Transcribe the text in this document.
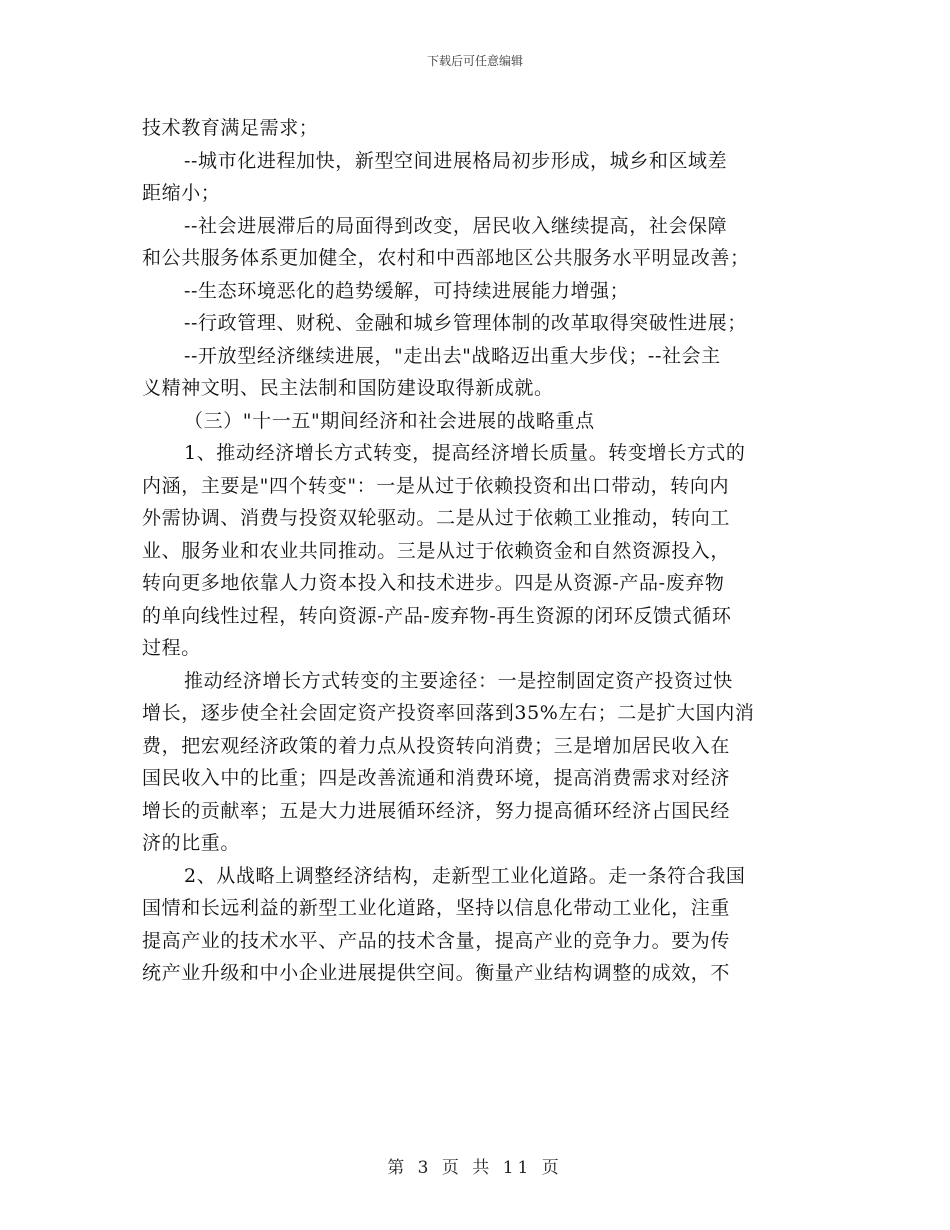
下载后可任意编辑
技术教育满足需求；
--城市化进程加快，新型空间进展格局初步形成，城乡和区域差
距缩小；
--社会进展滞后的局面得到改变，居民收入继续提高，社会保障
和公共服务体系更加健全，农村和中西部地区公共服务水平明显改善；
--生态环境恶化的趋势缓解，可持续进展能力增强；
--行政管理、财税、金融和城乡管理体制的改革取得突破性进展；
--开放型经济继续进展，"走出去"战略迈出重大步伐；--社会主
义精神文明、民主法制和国防建设取得新成就。
（三）"十一五"期间经济和社会进展的战略重点
1、推动经济增长方式转变，提高经济增长质量。转变增长方式的
内涵，主要是"四个转变"：一是从过于依赖投资和出口带动，转向内
外需协调、消费与投资双轮驱动。二是从过于依赖工业推动，转向工
业、服务业和农业共同推动。三是从过于依赖资金和自然资源投入，
转向更多地依靠人力资本投入和技术进步。四是从资源-产品-废弃物
的单向线性过程，转向资源-产品-废弃物-再生资源的闭环反馈式循环
过程。
推动经济增长方式转变的主要途径：一是控制固定资产投资过快
增长，逐步使全社会固定资产投资率回落到35%左右；二是扩大国内消
费，把宏观经济政策的着力点从投资转向消费；三是增加居民收入在
国民收入中的比重；四是改善流通和消费环境，提高消费需求对经济
增长的贡献率；五是大力进展循环经济，努力提高循环经济占国民经
济的比重。
2、从战略上调整经济结构，走新型工业化道路。走一条符合我国
国情和长远利益的新型工业化道路，坚持以信息化带动工业化，注重
提高产业的技术水平、产品的技术含量，提高产业的竞争力。要为传
统产业升级和中小企业进展提供空间。衡量产业结构调整的成效，不
第 3 页 共 11 页
